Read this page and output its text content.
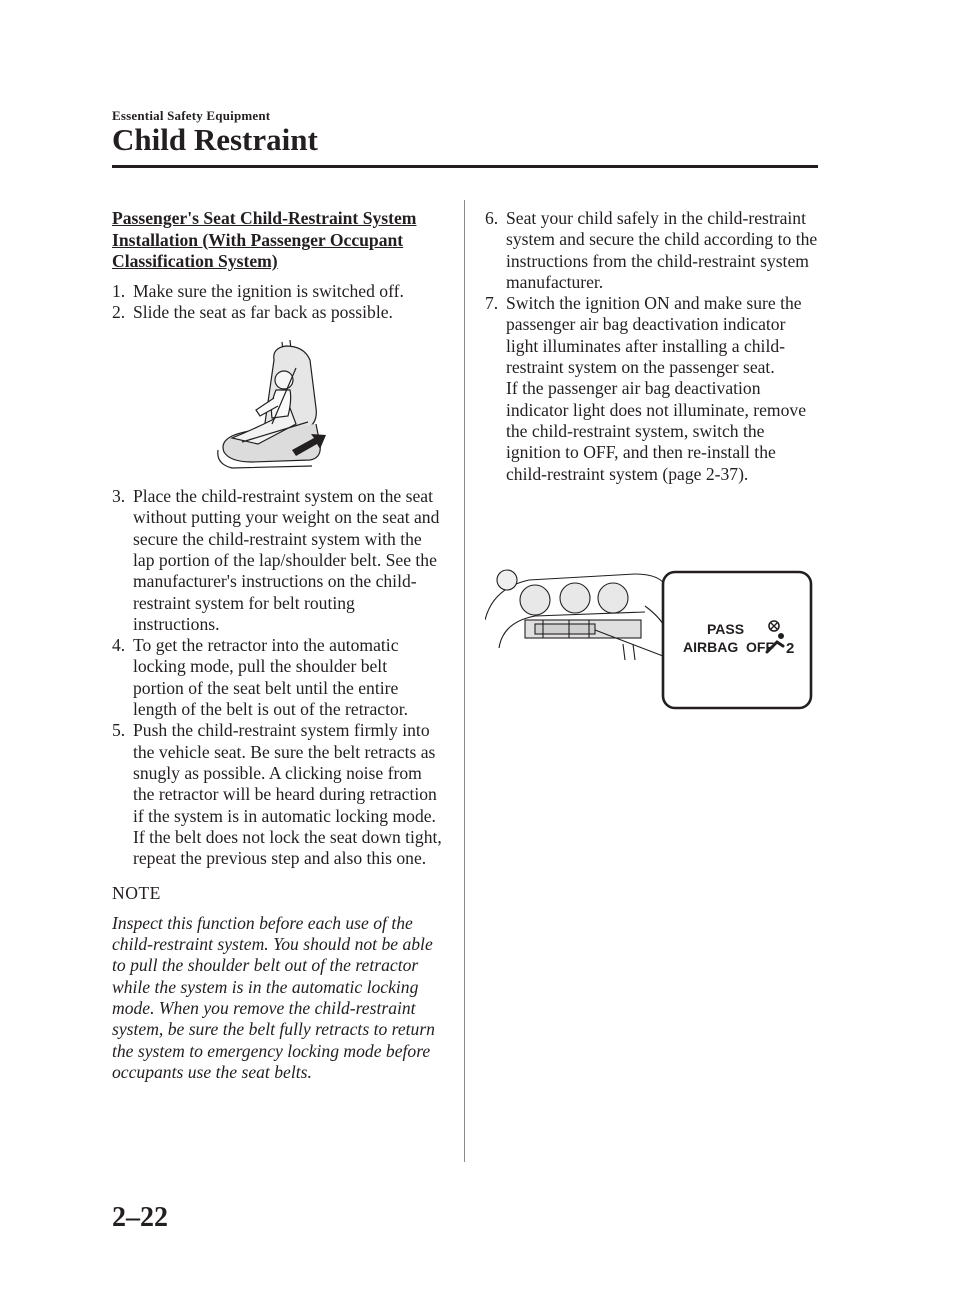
Essential Safety Equipment
Child Restraint
Passenger's Seat Child-Restraint System Installation (With Passenger Occupant Classification System)
1. Make sure the ignition is switched off.
2. Slide the seat as far back as possible.
3. Place the child-restraint system on the seat without putting your weight on the seat and secure the child-restraint system with the lap portion of the lap/shoulder belt. See the manufacturer's instructions on the child-restraint system for belt routing instructions.
4. To get the retractor into the automatic locking mode, pull the shoulder belt portion of the seat belt until the entire length of the belt is out of the retractor.
5. Push the child-restraint system firmly into the vehicle seat. Be sure the belt retracts as snugly as possible. A clicking noise from the retractor will be heard during retraction if the system is in automatic locking mode. If the belt does not lock the seat down tight, repeat the previous step and also this one.
NOTE

Inspect this function before each use of the child-restraint system. You should not be able to pull the shoulder belt out of the retractor while the system is in the automatic locking mode. When you remove the child-restraint system, be sure the belt fully retracts to return the system to emergency locking mode before occupants use the seat belts.

6. Seat your child safely in the child-restraint system and secure the child according to the instructions from the child-restraint system manufacturer.
7. Switch the ignition ON and make sure the passenger air bag deactivation indicator light illuminates after installing a child-restraint system on the passenger seat.
If the passenger air bag deactivation indicator light does not illuminate, remove the child-restraint system, switch the ignition to OFF, and then re-install the child-restraint system (page 2-37).
PASS
AIRBAG  OFF 2
2–22
